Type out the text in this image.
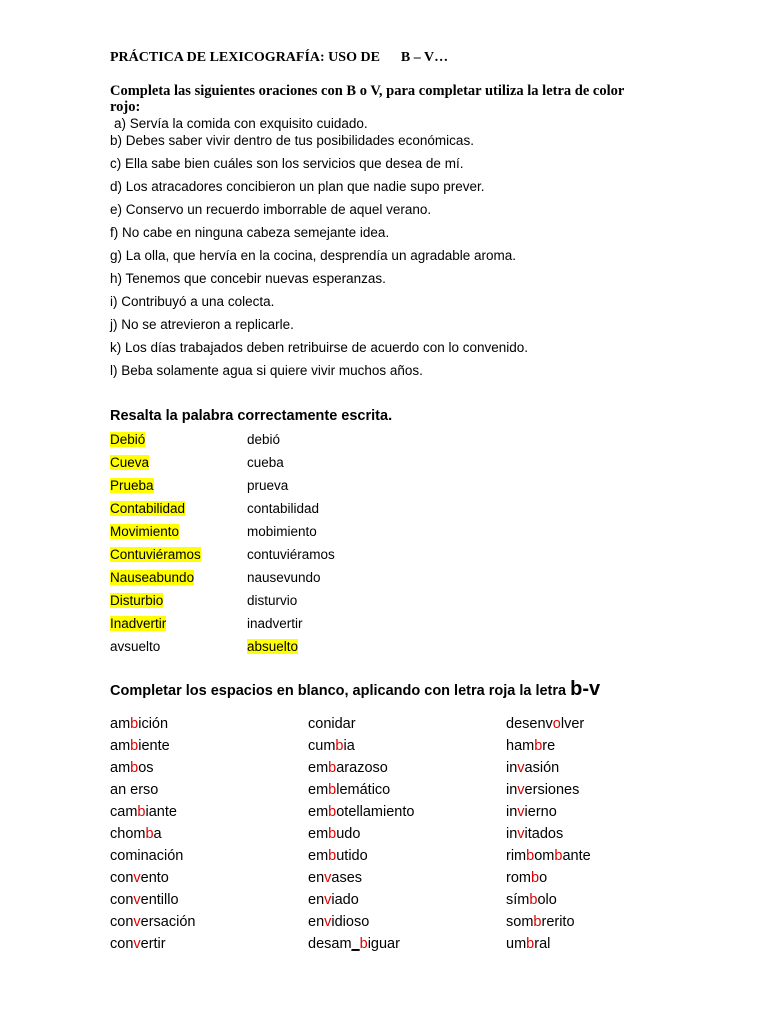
PRÁCTICA DE LEXICOGRAFÍA: USO DE      B – V…
Completa las siguientes oraciones con B o V, para completar utiliza la letra de color rojo:
a) Servía la comida con exquisito cuidado.
b) Debes saber vivir dentro de tus posibilidades económicas.
c) Ella sabe bien cuáles son los servicios que desea de mí.
d) Los atracadores concibieron un plan que nadie supo prever.
e) Conservo un recuerdo imborrable de aquel verano.
f) No cabe en ninguna cabeza semejante idea.
g) La olla, que hervía en la cocina, desprendía un agradable aroma.
h) Tenemos que concebir nuevas esperanzas.
i) Contribuyó a una colecta.
j) No se atrevieron a replicarle.
k) Los días trabajados deben retribuirse de acuerdo con lo convenido.
l) Beba solamente agua si quiere vivir muchos años.
Resalta la palabra correctamente escrita.
Debió	debió
Cueva	cueba
Prueba	prueva
Contabilidad	contabilidad
Movimiento	mobimiento
Contuviéramos	contuviéramos
Nauseabundo	nausevundo
Disturbio	disturvio
Inadvertir	inadvertir
avsuelto	absuelto
Completar los espacios en blanco, aplicando con letra roja la letra b-v
ambición
ambiente
ambos
an erso
cambiante
chomba
cominación
convento
conventillo
conversación
convertir
conidar
cumbia
embarazoso
emblemático
embotellamiento
embudo
embutido
envases
enviado
envidioso
desam_biguar
desenvolver
hambre
invasión
inversiones
invierno
invitados
rimbombante
rombo
símbolo
sombrerito
umbral
